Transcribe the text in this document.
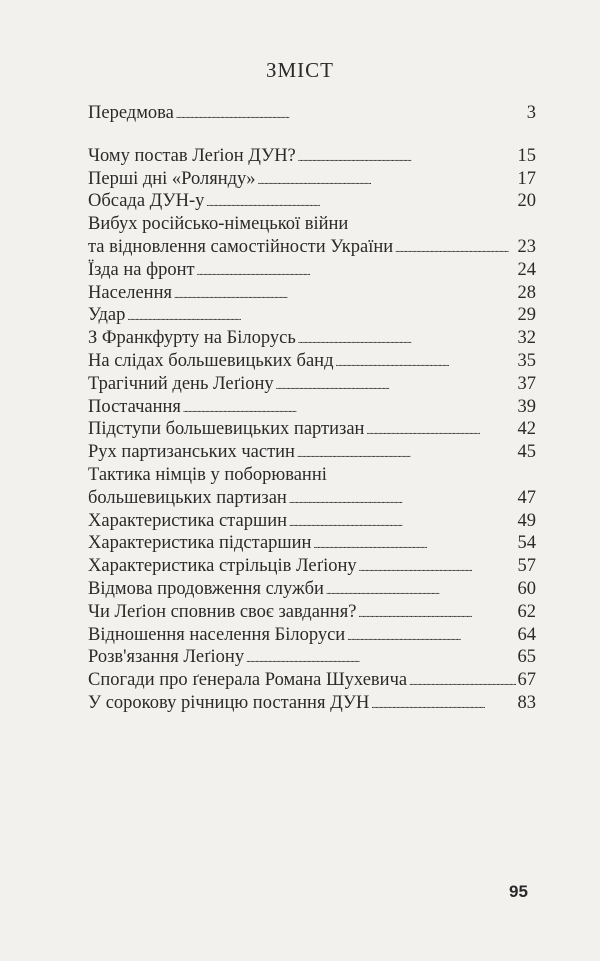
ЗМІСТ
Передмова . . .	3
Чому постав Леґіон ДУН? . . .	15
Перші дні «Роляндy» . . .	17
Обсада ДУН-у . . .	20
Вибух російсько-німецької війни
та відновлення самостійности України . . .	23
Їзда на фронт . . .	24
Населення . . .	28
Удар . . .	29
З Франкфурту на Білорусь . . .	32
На слідах большевицьких банд . . .	35
Трагічний день Леґіону . . .	37
Постачання . . .	39
Підступи большевицьких партизан . . .	42
Рух партизанських частин . . .	45
Тактика німців у поборюванні
большевицьких партизан . . .	47
Характеристика старшин . . .	49
Характеристика підстаршин . . .	54
Характеристика стрільців Леґіону . . .	57
Відмова продовження служби . . .	60
Чи Леґіон сповнив своє завдання? . . .	62
Відношення населення Білоруси . . .	64
Розв'язання Леґіону . . .	65
Спогади про ґенерала Романа Шухевича . . .	67
У сорокову річницю постання ДУН . . .	83
95
